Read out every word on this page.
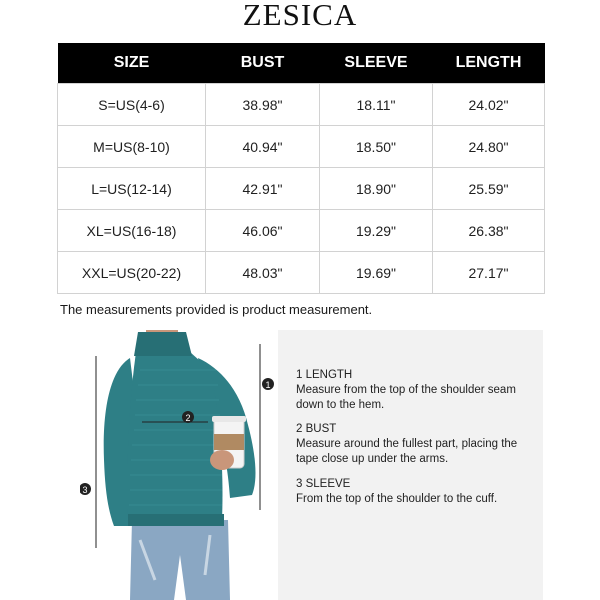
ZESICA
SIZE	BUST	SLEEVE	LENGTH
S=US(4-6)	38.98"	18.11"	24.02"
M=US(8-10)	40.94"	18.50"	24.80"
L=US(12-14)	42.91"	18.90"	25.59"
XL=US(16-18)	46.06"	19.29"	26.38"
XXL=US(20-22)	48.03"	19.69"	27.17"
The measurements provided is product measurement.
1
2
3
1 LENGTH
Measure from the top of the shoulder seam down to the hem.
2 BUST
Measure around the fullest part, placing the tape close up under the arms.
3 SLEEVE
From the top of the shoulder to the cuff.
